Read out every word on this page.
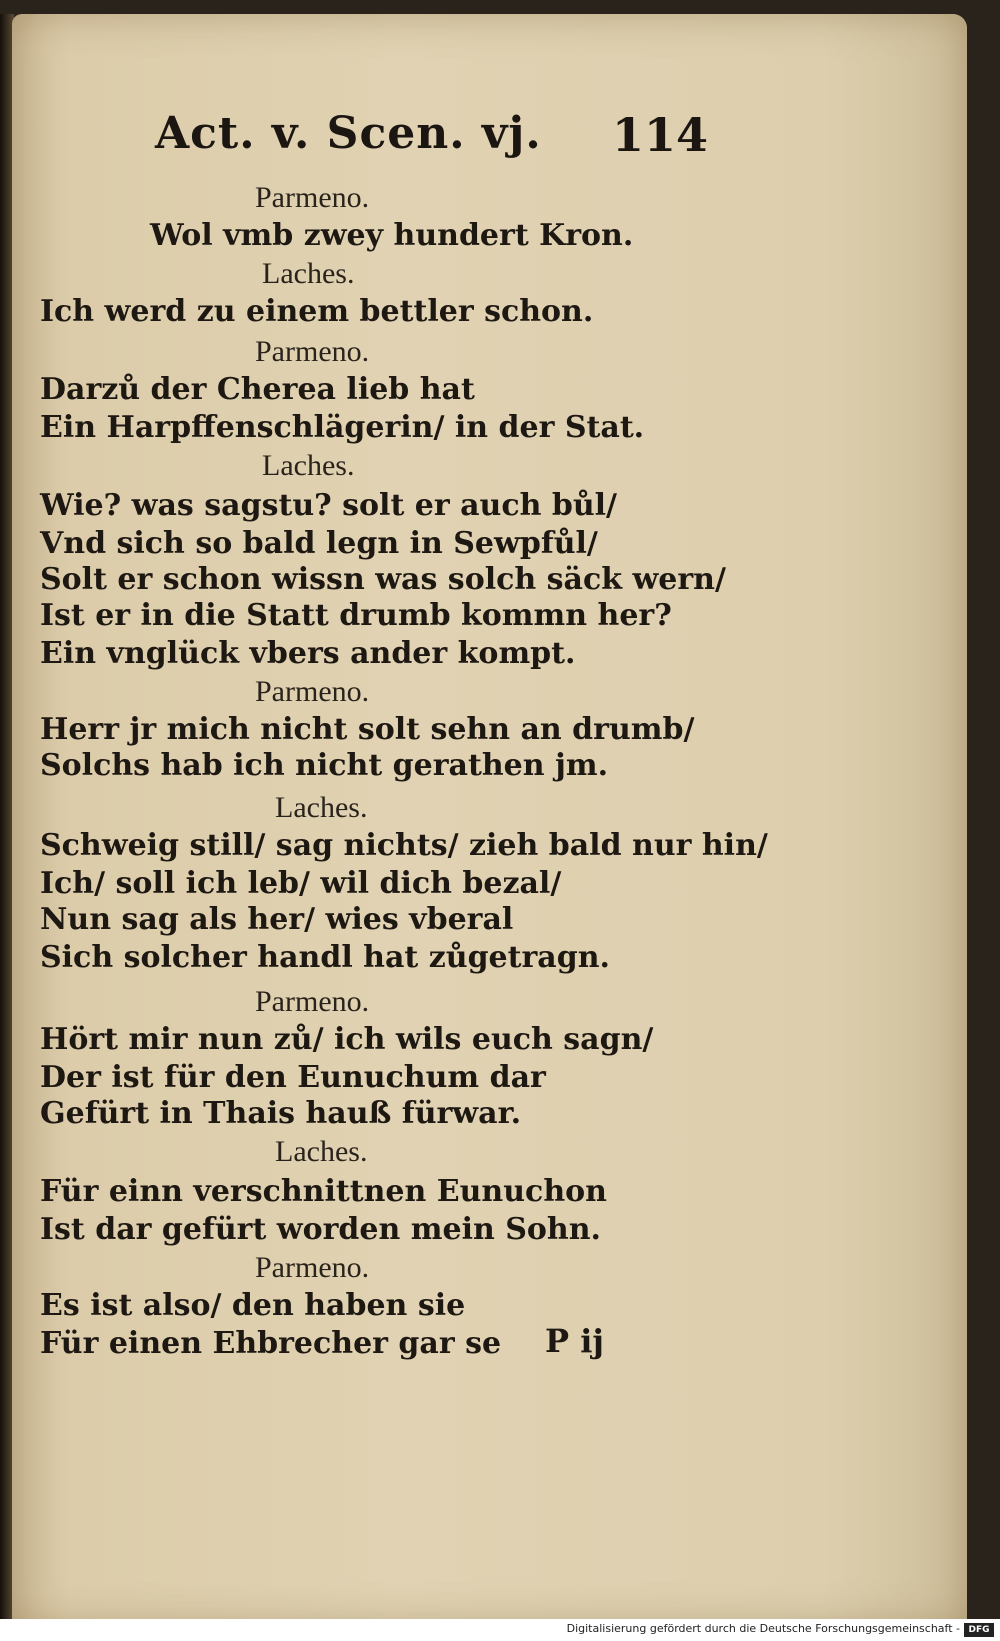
Act. v. Scen. vj. 114
Parmeno.
Wol vmb zwey hundert Kron.
Laches.
Ich werd zu einem bettler schon.
Parmeno.
Darzů der Cherea lieb hat
Ein Harpffenschlägerin/ in der Stat.
Laches.
Wie? was sagstu? solt er auch bůl/
Vnd sich so bald legn in Sewpfůl/
Solt er schon wissn was solch säck wern/
Ist er in die Statt drumb kommn her?
Ein vnglück vbers ander kompt.
Parmeno.
Herr jr mich nicht solt sehn an drumb/
Solchs hab ich nicht gerathen jm.
Laches.
Schweig still/ sag nichts/ zieh bald nur hin/
Ich/ soll ich leb/ wil dich bezal/
Nun sag als her/ wies vberal
Sich solcher handl hat zůgetragn.
Parmeno.
Hört mir nun zů/ ich wils euch sagn/
Der ist für den Eunuchum dar
Gefürt in Thais hauß fürwar.
Laches.
Für einn verschnittnen Eunuchon
Ist dar gefürt worden mein Sohn.
Parmeno.
Es ist also/ den haben sie
Für einen Ehbrecher gar se P ij
Digitalisierung gefördert durch die Deutsche Forschungsgemeinschaft - DFG
